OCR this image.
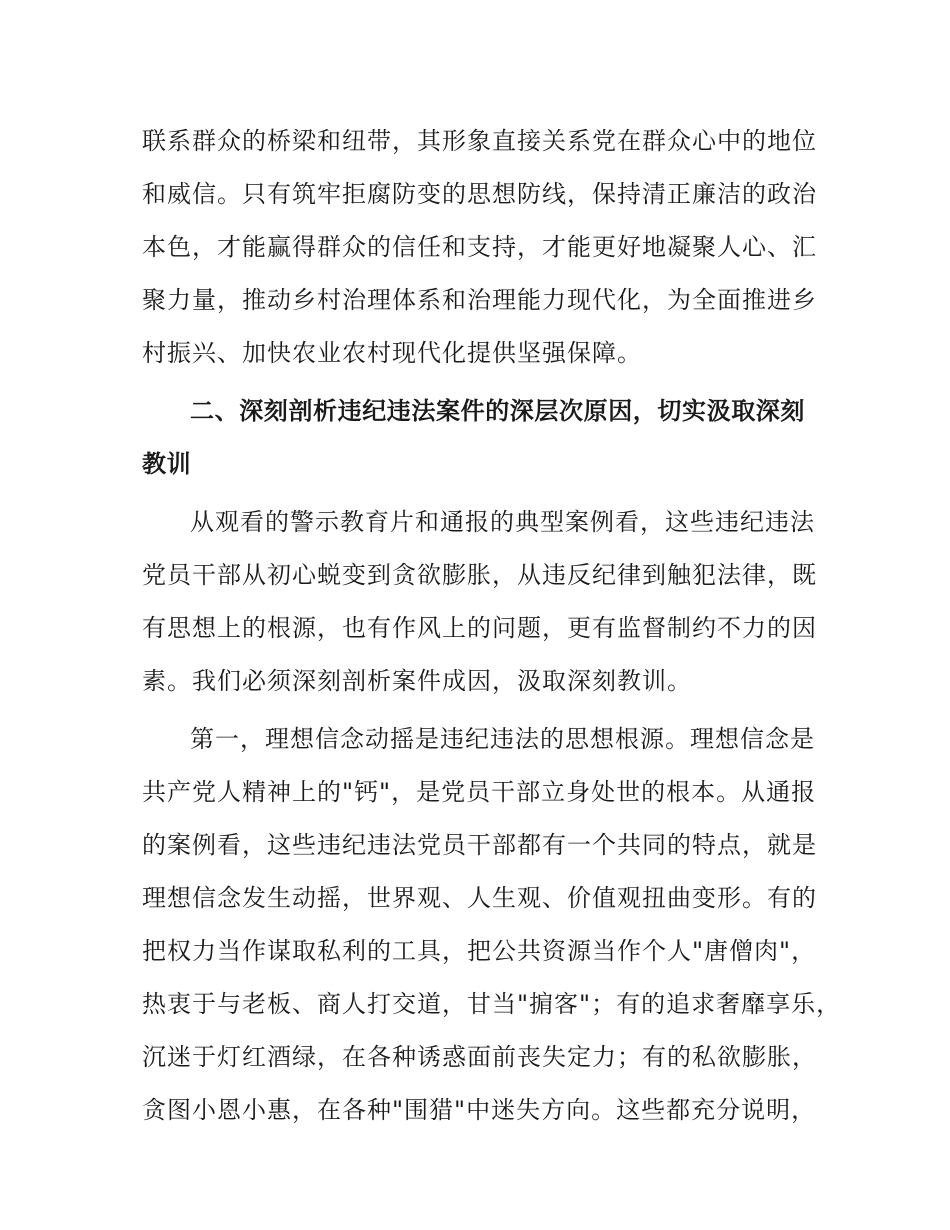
联系群众的桥梁和纽带，其形象直接关系党在群众心中的地位
和威信。只有筑牢拒腐防变的思想防线，保持清正廉洁的政治
本色，才能赢得群众的信任和支持，才能更好地凝聚人心、汇
聚力量，推动乡村治理体系和治理能力现代化，为全面推进乡
村振兴、加快农业农村现代化提供坚强保障。
二、深刻剖析违纪违法案件的深层次原因，切实汲取深刻
教训
从观看的警示教育片和通报的典型案例看，这些违纪违法
党员干部从初心蜕变到贪欲膨胀，从违反纪律到触犯法律，既
有思想上的根源，也有作风上的问题，更有监督制约不力的因
素。我们必须深刻剖析案件成因，汲取深刻教训。
第一，理想信念动摇是违纪违法的思想根源。理想信念是
共产党人精神上的"钙"，是党员干部立身处世的根本。从通报
的案例看，这些违纪违法党员干部都有一个共同的特点，就是
理想信念发生动摇，世界观、人生观、价值观扭曲变形。有的
把权力当作谋取私利的工具，把公共资源当作个人"唐僧肉"，
热衷于与老板、商人打交道，甘当"掮客"；有的追求奢靡享乐，
沉迷于灯红酒绿，在各种诱惑面前丧失定力；有的私欲膨胀，
贪图小恩小惠，在各种"围猎"中迷失方向。这些都充分说明，
